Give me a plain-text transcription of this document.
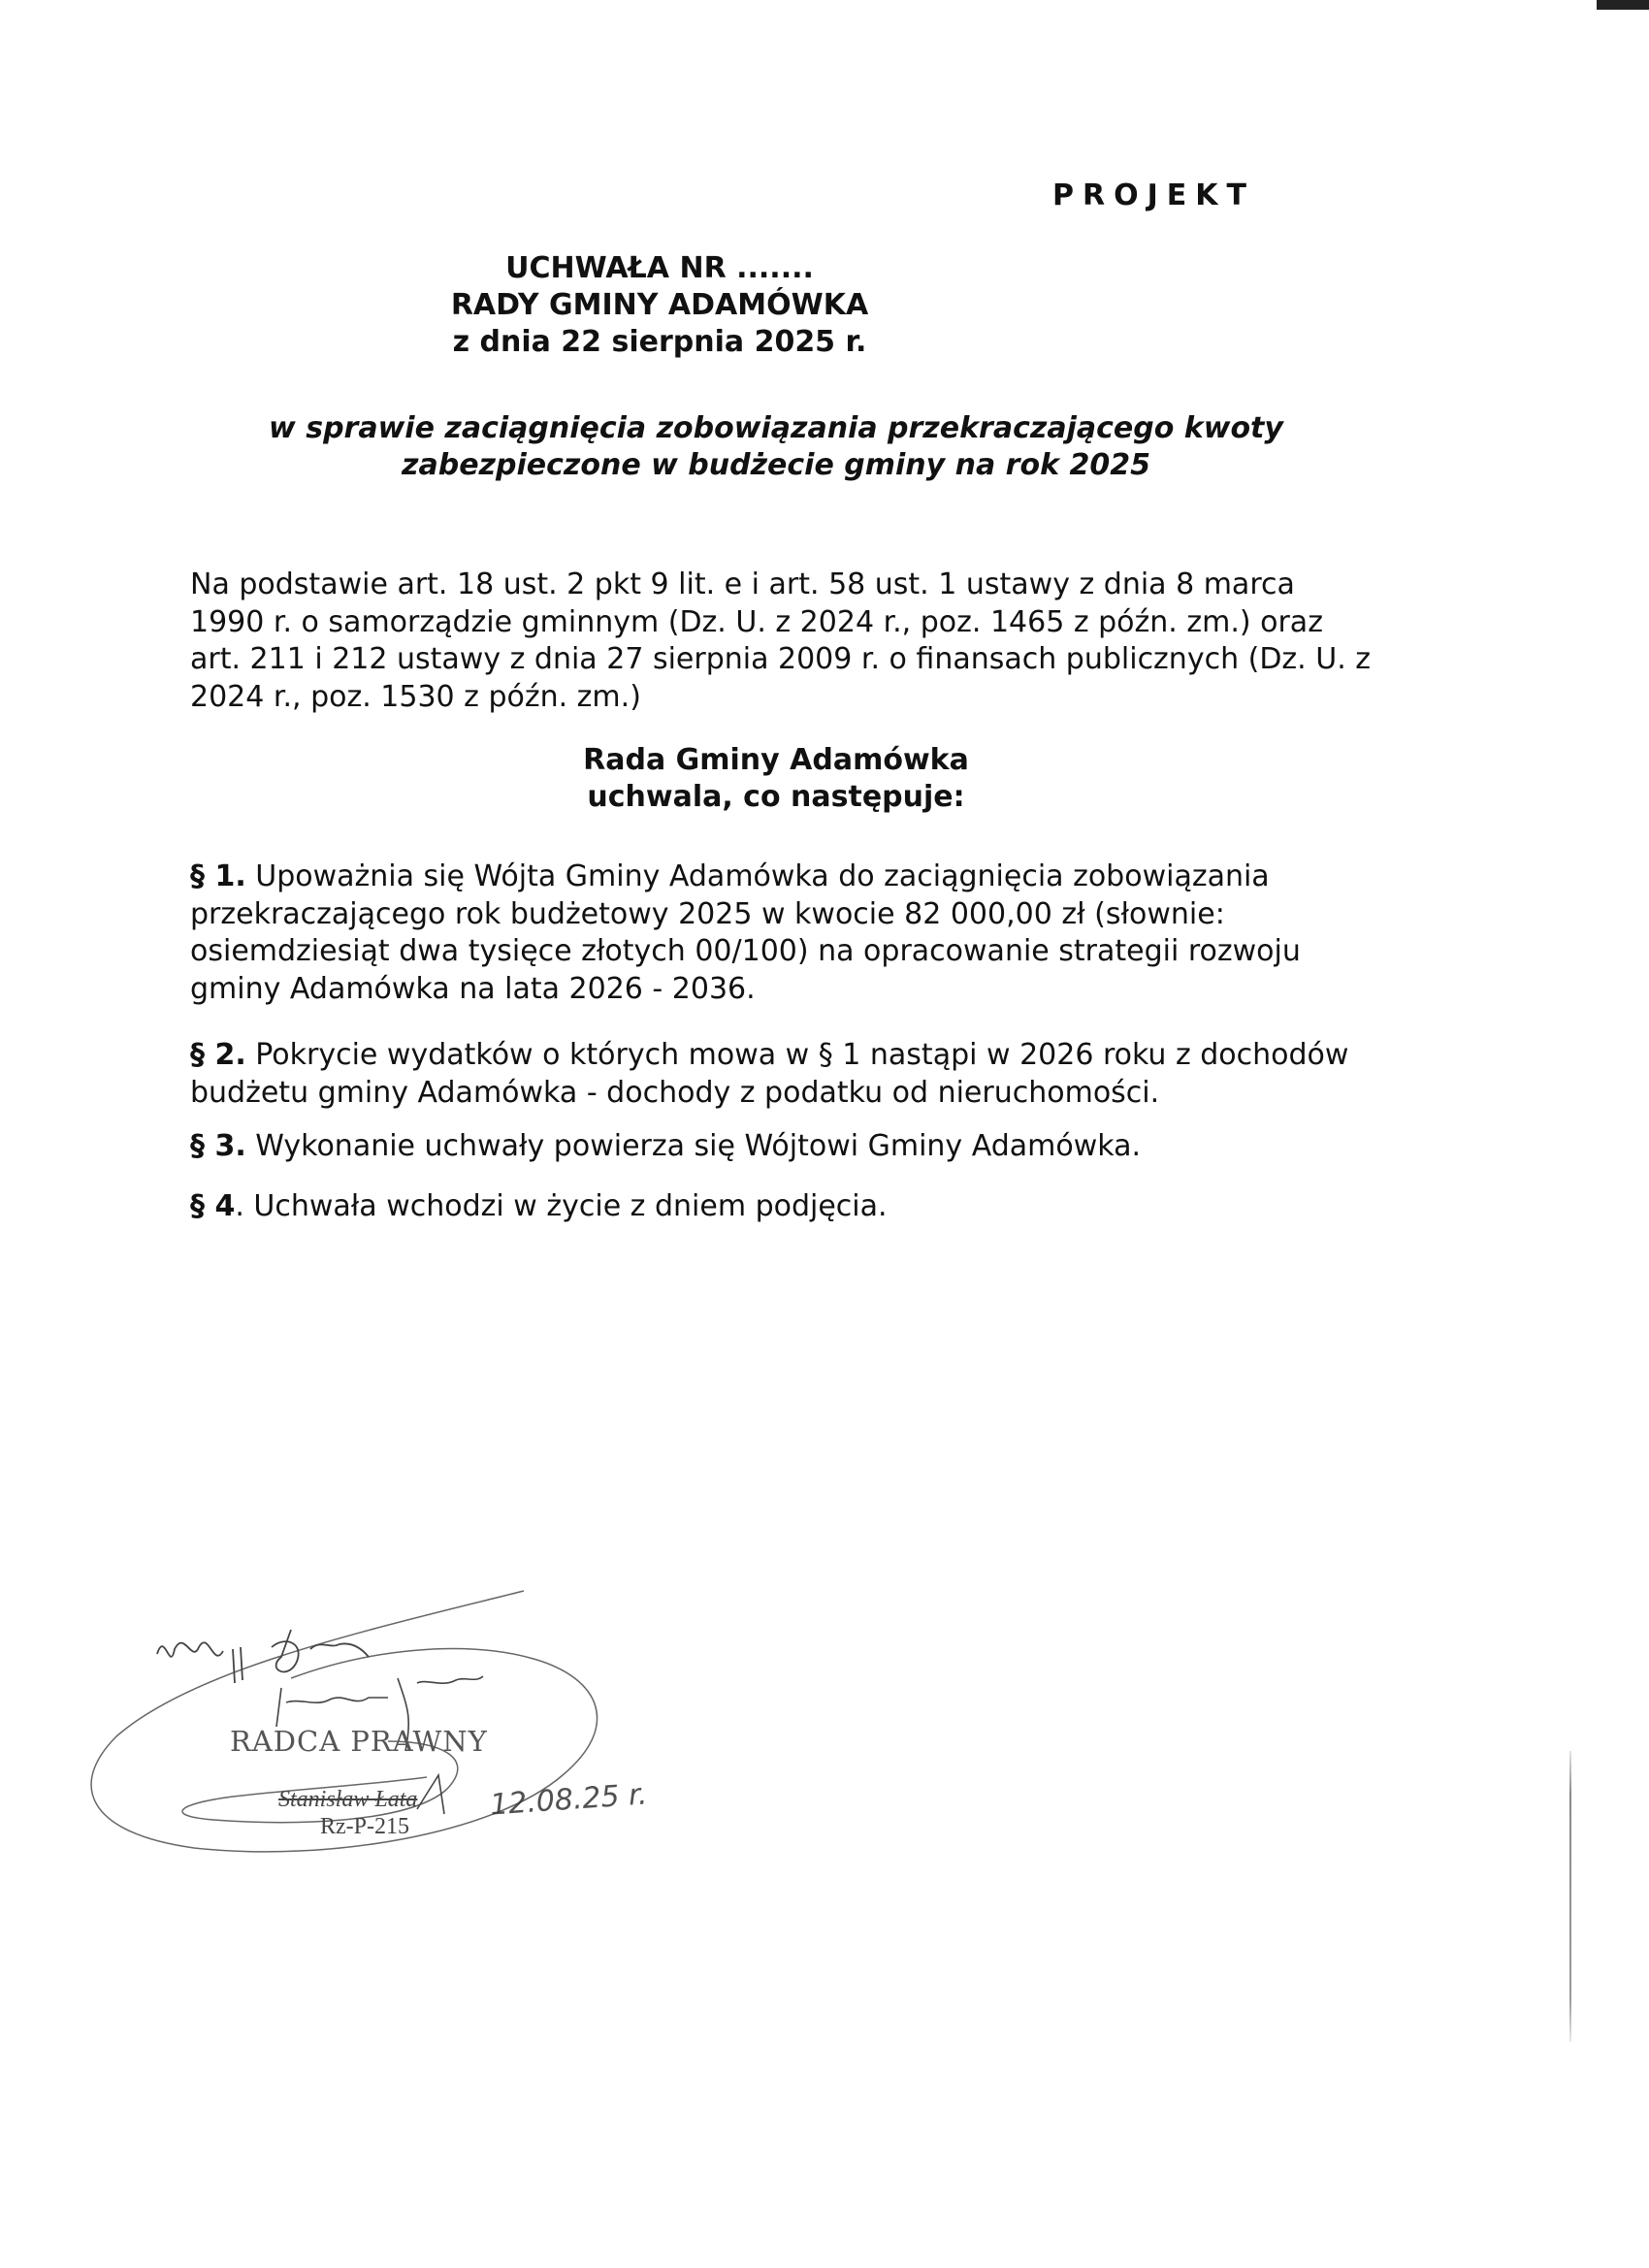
PROJEKT
UCHWAŁA NR .......
RADY GMINY ADAMÓWKA
z dnia 22 sierpnia 2025 r.
w sprawie zaciągnięcia zobowiązania przekraczającego kwoty
zabezpieczone w budżecie gminy na rok 2025
Na podstawie art. 18 ust. 2 pkt 9 lit. e i art. 58 ust. 1 ustawy z dnia 8 marca
1990 r. o samorządzie gminnym (Dz. U. z 2024 r., poz. 1465 z późn. zm.) oraz
art. 211 i 212 ustawy z dnia 27 sierpnia 2009 r. o finansach publicznych (Dz. U. z
2024 r., poz. 1530 z późn. zm.)
Rada Gminy Adamówka
uchwala, co następuje:
§ 1. Upoważnia się Wójta Gminy Adamówka do zaciągnięcia zobowiązania
przekraczającego rok budżetowy 2025 w kwocie 82 000,00 zł (słownie:
osiemdziesiąt dwa tysięce złotych 00/100) na opracowanie strategii rozwoju
gminy Adamówka na lata 2026 - 2036.
§ 2. Pokrycie wydatków o których mowa w § 1 nastąpi w 2026 roku z dochodów
budżetu gminy Adamówka - dochody z podatku od nieruchomości.
§ 3. Wykonanie uchwały powierza się Wójtowi Gminy Adamówka.
§ 4. Uchwała wchodzi w życie z dniem podjęcia.
RADCA PRAWNY
Stanisław Łata
Rz-P-215
12.08.25 r.
